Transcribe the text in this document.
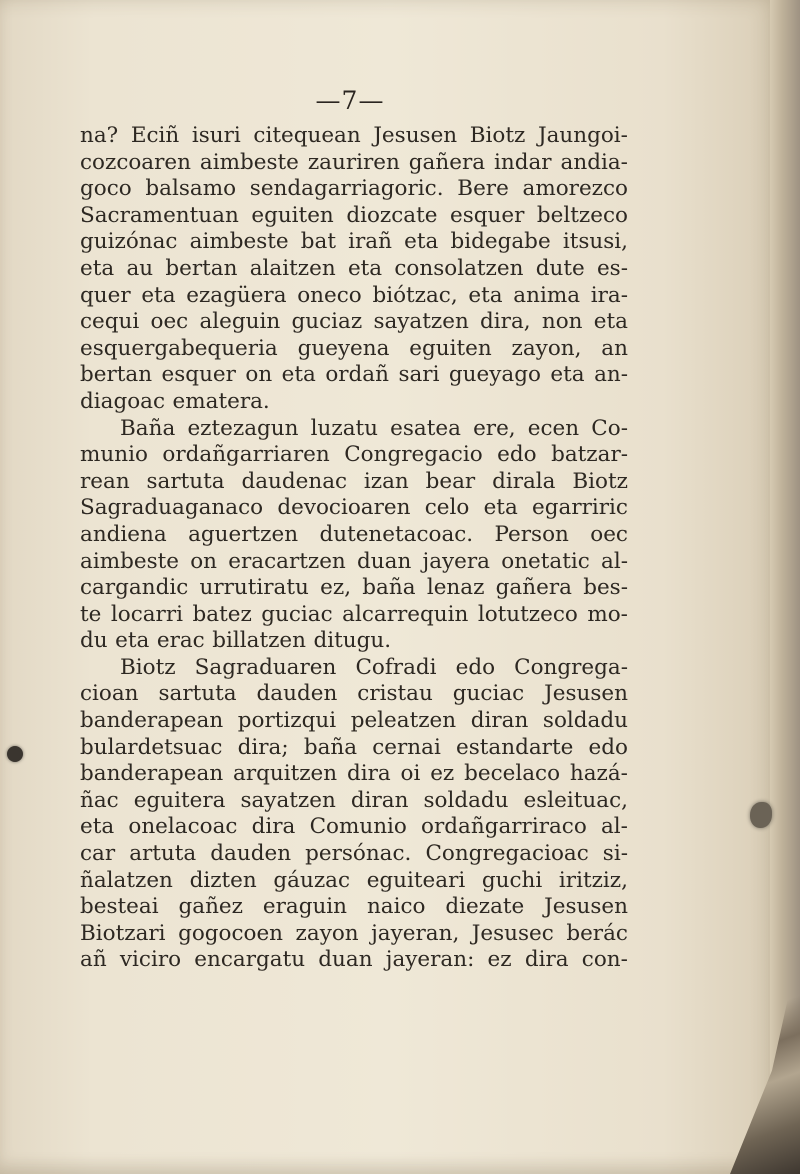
—7—
na? Eciñ isuri citequean Jesusen Biotz Jaungoi-
cozcoaren aimbeste zauriren gañera indar andia-
goco balsamo sendagarriagoric. Bere amorezco
Sacramentuan eguiten diozcate esquer beltzeco
guizónac aimbeste bat irañ eta bidegabe itsusi,
eta au bertan alaitzen eta consolatzen dute es-
quer eta ezagüera oneco biótzac, eta anima ira-
cequi oec aleguin guciaz sayatzen dira, non eta
esquergabequeria gueyena eguiten zayon, an
bertan esquer on eta ordañ sari gueyago eta an-
diagoac ematera.
Baña eztezagun luzatu esatea ere, ecen Co-
munio ordañgarriaren Congregacio edo batzar-
rean sartuta daudenac izan bear dirala Biotz
Sagraduaganaco devocioaren celo eta egarriric
andiena aguertzen dutenetacoac. Person oec
aimbeste on eracartzen duan jayera onetatic al-
cargandic urrutiratu ez, baña lenaz gañera bes-
te locarri batez guciac alcarrequin lotutzeco mo-
du eta erac billatzen ditugu.
Biotz Sagraduaren Cofradi edo Congrega-
cioan sartuta dauden cristau guciac Jesusen
banderapean portizqui peleatzen diran soldadu
bulardetsuac dira; baña cernai estandarte edo
banderapean arquitzen dira oi ez becelaco hazá-
ñac eguitera sayatzen diran soldadu esleituac,
eta onelacoac dira Comunio ordañgarriraco al-
car artuta dauden persónac. Congregacioac si-
ñalatzen dizten gáuzac eguiteari guchi iritziz,
besteai gañez eraguin naico diezate Jesusen
Biotzari gogocoen zayon jayeran, Jesusec berác
añ viciro encargatu duan jayeran: ez dira con-
